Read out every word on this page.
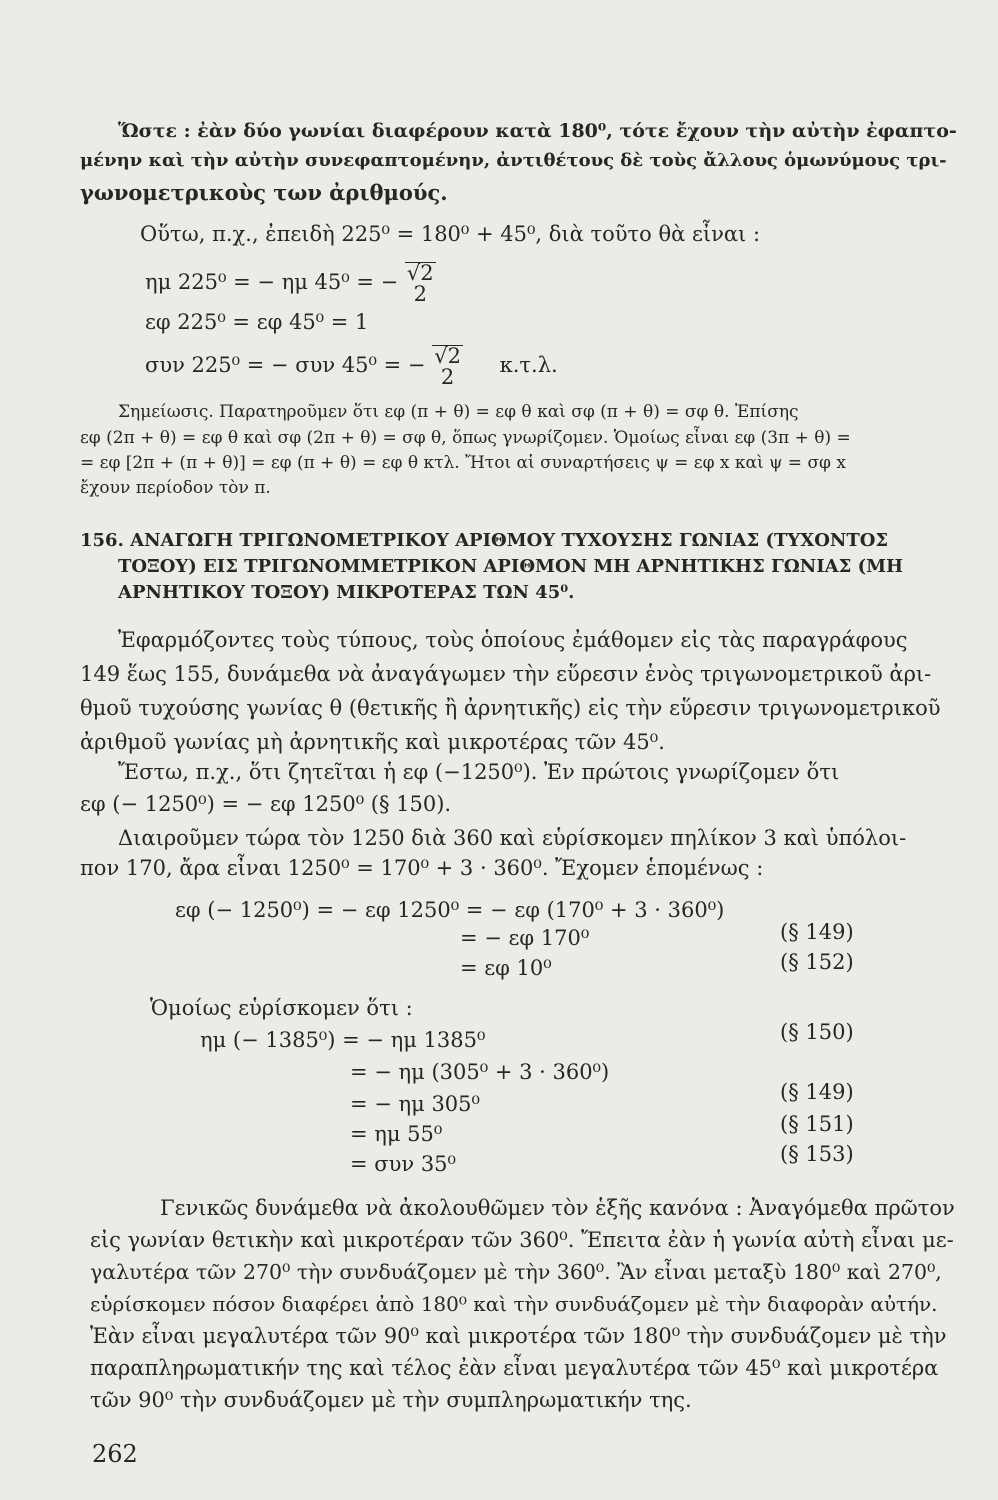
Ὥστε : ἐὰν δύο γωνίαι διαφέρουν κατὰ 180⁰, τότε ἔχουν τὴν αὐτὴν ἐφαπτο-
μένην καὶ τὴν αὐτὴν συνεφαπτομένην, ἀντιθέτους δὲ τοὺς ἄλλους ὁμωνύμους τρι-
γωνομετρικοὺς των ἀριθμούς.
Οὕτω, π.χ., ἐπειδὴ 225⁰ = 180⁰ + 45⁰, διὰ τοῦτο θὰ εἶναι :
ημ 225⁰ = − ημ 45⁰ = − √2
2
εφ 225⁰ = εφ 45⁰ = 1
συν 225⁰ = − συν 45⁰ = − √2
2	κ.τ.λ.
Σημείωσις. Παρατηροῦμεν ὅτι εφ (π + θ) = εφ θ καὶ σφ (π + θ) = σφ θ. Ἐπίσης
εφ (2π + θ) = εφ θ καὶ σφ (2π + θ) = σφ θ, ὅπως γνωρίζομεν. Ὁμοίως εἶναι εφ (3π + θ) =
= εφ [2π + (π + θ)] = εφ (π + θ) = εφ θ κτλ. Ἤτοι αἱ συναρτήσεις ψ = εφ x καὶ ψ = σφ x
ἔχουν περίοδον τὸν π.
156. ΑΝΑΓΩΓΗ ΤΡΙΓΩΝΟΜΕΤΡΙΚΟΥ ΑΡΙΘΜΟΥ ΤΥΧΟΥΣΗΣ ΓΩΝΙΑΣ (ΤΥΧΟΝΤΟΣ
ΤΟΞΟΥ) ΕΙΣ ΤΡΙΓΩΝΟΜΜΕΤΡΙΚΟΝ ΑΡΙΘΜΟΝ ΜΗ ΑΡΝΗΤΙΚΗΣ ΓΩΝΙΑΣ (ΜΗ
ΑΡΝΗΤΙΚΟΥ ΤΟΞΟΥ) ΜΙΚΡΟΤΕΡΑΣ ΤΩΝ 45⁰.
Ἐφαρμόζοντες τοὺς τύπους, τοὺς ὁποίους ἐμάθομεν εἰς τὰς παραγράφους
149 ἕως 155, δυνάμεθα νὰ ἀναγάγωμεν τὴν εὕρεσιν ἑνὸς τριγωνομετρικοῦ ἀρι-
θμοῦ τυχούσης γωνίας θ (θετικῆς ἢ ἀρνητικῆς) εἰς τὴν εὕρεσιν τριγωνομετρικοῦ
ἀριθμοῦ γωνίας μὴ ἀρνητικῆς καὶ μικροτέρας τῶν 45⁰.
Ἔστω, π.χ., ὅτι ζητεῖται ἡ εφ (−1250⁰). Ἐν πρώτοις γνωρίζομεν ὅτι
εφ (− 1250⁰) = − εφ 1250⁰ (§ 150).
Διαιροῦμεν τώρα τὸν 1250 διὰ 360 καὶ εὑρίσκομεν πηλίκον 3 καὶ ὑπόλοι-
πον 170, ἄρα εἶναι 1250⁰ = 170⁰ + 3 · 360⁰. Ἔχομεν ἑπομένως :
εφ (− 1250⁰) = − εφ 1250⁰ = − εφ (170⁰ + 3 · 360⁰)
= − εφ 170⁰	(§ 149)
= εφ 10⁰	(§ 152)
Ὁμοίως εὑρίσκομεν ὅτι :
ημ (− 1385⁰) = − ημ 1385⁰	(§ 150)
= − ημ (305⁰ + 3 · 360⁰)
= − ημ 305⁰	(§ 149)
= ημ 55⁰	(§ 151)
= συν 35⁰	(§ 153)
Γενικῶς δυνάμεθα νὰ ἀκολουθῶμεν τὸν ἑξῆς κανόνα : Ἀναγόμεθα πρῶτον
εἰς γωνίαν θετικὴν καὶ μικροτέραν τῶν 360⁰. Ἔπειτα ἐὰν ἡ γωνία αὐτὴ εἶναι με-
γαλυτέρα τῶν 270⁰ τὴν συνδυάζομεν μὲ τὴν 360⁰. Ἂν εἶναι μεταξὺ 180⁰ καὶ 270⁰,
εὑρίσκομεν πόσον διαφέρει ἀπὸ 180⁰ καὶ τὴν συνδυάζομεν μὲ τὴν διαφορὰν αὐτήν.
Ἐὰν εἶναι μεγαλυτέρα τῶν 90⁰ καὶ μικροτέρα τῶν 180⁰ τὴν συνδυάζομεν μὲ τὴν
παραπληρωματικήν της καὶ τέλος ἐὰν εἶναι μεγαλυτέρα τῶν 45⁰ καὶ μικροτέρα
τῶν 90⁰ τὴν συνδυάζομεν μὲ τὴν συμπληρωματικήν της.
262
